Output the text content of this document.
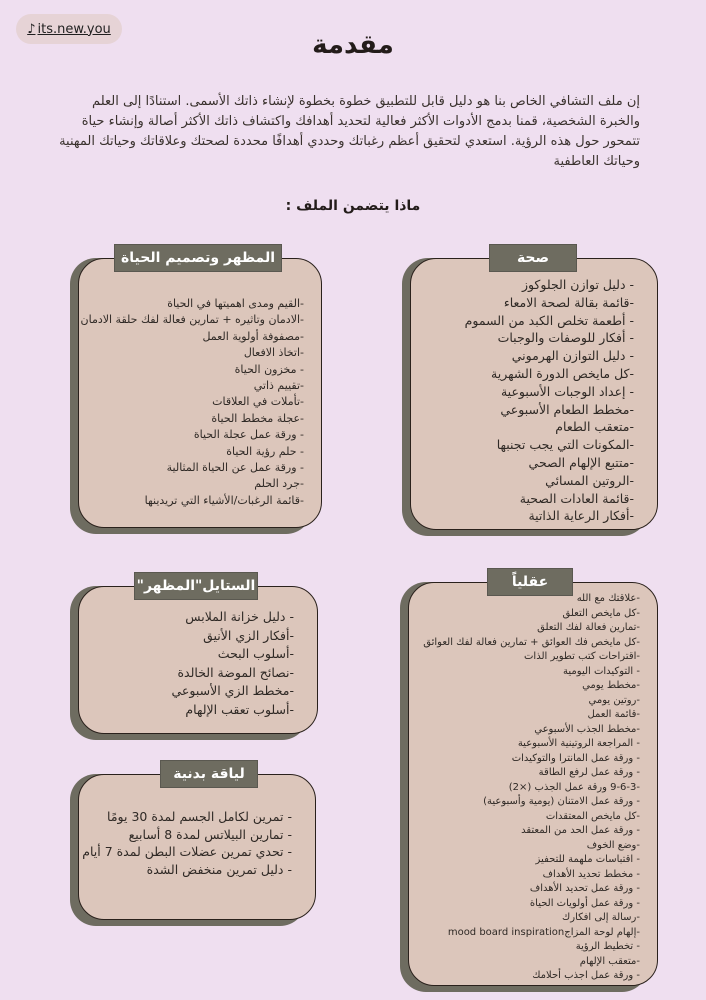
♪ its.new.you
مقدمة

إن ملف التشافي الخاص بنا هو دليل قابل للتطبيق خطوة بخطوة لإنشاء ذاتك الأسمى. استنادًا إلى العلم والخبرة الشخصية، قمنا بدمج الأدوات الأكثر فعالية لتحديد أهدافك واكتشاف ذاتك الأكثر أصالة وإنشاء حياة تتمحور حول هذه الرؤية. استعدي لتحقيق أعظم رغباتك وحددي أهدافًا محددة لصحتك وعلاقاتك وحياتك المهنية وحياتك العاطفية

ماذا يتضمن الملف :

صحة
- دليل توازن الجلوكوز
-قائمة بقالة لصحة الامعاء
- أطعمة تخلص الكبد من السموم
- أفكار للوصفات والوجبات
- دليل التوازن الهرموني
-كل مايخص الدورة الشهرية
- إعداد الوجبات الأسبوعية
-مخطط الطعام الأسبوعي
-متعقب الطعام
-المكونات التي يجب تجنبها
-متتبع الإلهام الصحي
-الروتين المسائي
-قائمة العادات الصحية
-أفكار الرعاية الذاتية
المظهر وتصميم الحياة
-القيم ومدى اهميتها في الحياة
-الادمان وتاثيره + تمارين فعالة لفك حلقة الادمان
-مصفوفة أولوية العمل
-اتخاذ الافعال
- مخزون الحياة
-تقييم ذاتي
-تأملات في العلاقات
-عجلة مخطط الحياة
- ورقة عمل عجلة الحياة
- حلم رؤية الحياة
- ورقة عمل عن الحياة المثالية
-جرد الحلم
-قائمة الرغبات/الأشياء التي تريدينها
عقلياً
-علاقتك مع الله
-كل مايخص التعلق
-تمارين فعالة لفك التعلق
-كل مايخص فك العوائق + تمارين فعالة لفك العوائق
-اقتراحات كتب تطوير الذات
- التوكيدات اليومية
-مخطط يومي
-روتين يومي
-قائمة العمل
-مخطط الجذب الأسبوعي
- المراجعة الروتينية الأسبوعية
- ورقة عمل المانترا والتوكيدات
- ورقة عمل لرفع الطاقة
-9-6-3 ورقة عمل الجذب (×2)
- ورقة عمل الامتنان (يومية وأسبوعية)
-كل مايخص المعتقدات
- ورقة عمل الحد من المعتقد
-وضع الخوف
- اقتباسات ملهمة للتحفيز
- مخطط تحديد الأهداف
- ورقة عمل تحديد الأهداف
- ورقة عمل أولويات الحياة
-رسالة إلى افكارك
-إلهام لوحة المزاجmood board inspiration
- تخطيط الرؤية
-متعقب الإلهام
- ورقة عمل اجذب أحلامك
الستايل"المظهر"
- دليل خزانة الملابس
-أفكار الزي الأنيق
-أسلوب البحث
-نصائح الموضة الخالدة
-مخطط الزي الأسبوعي
-أسلوب تعقب الإلهام
لياقة بدنية
- تمرين لكامل الجسم لمدة 30 يومًا
- تمارين البيلاتس لمدة 8 أسابيع
- تحدي تمرين عضلات البطن لمدة 7 أيام
- دليل تمرين منخفض الشدة
